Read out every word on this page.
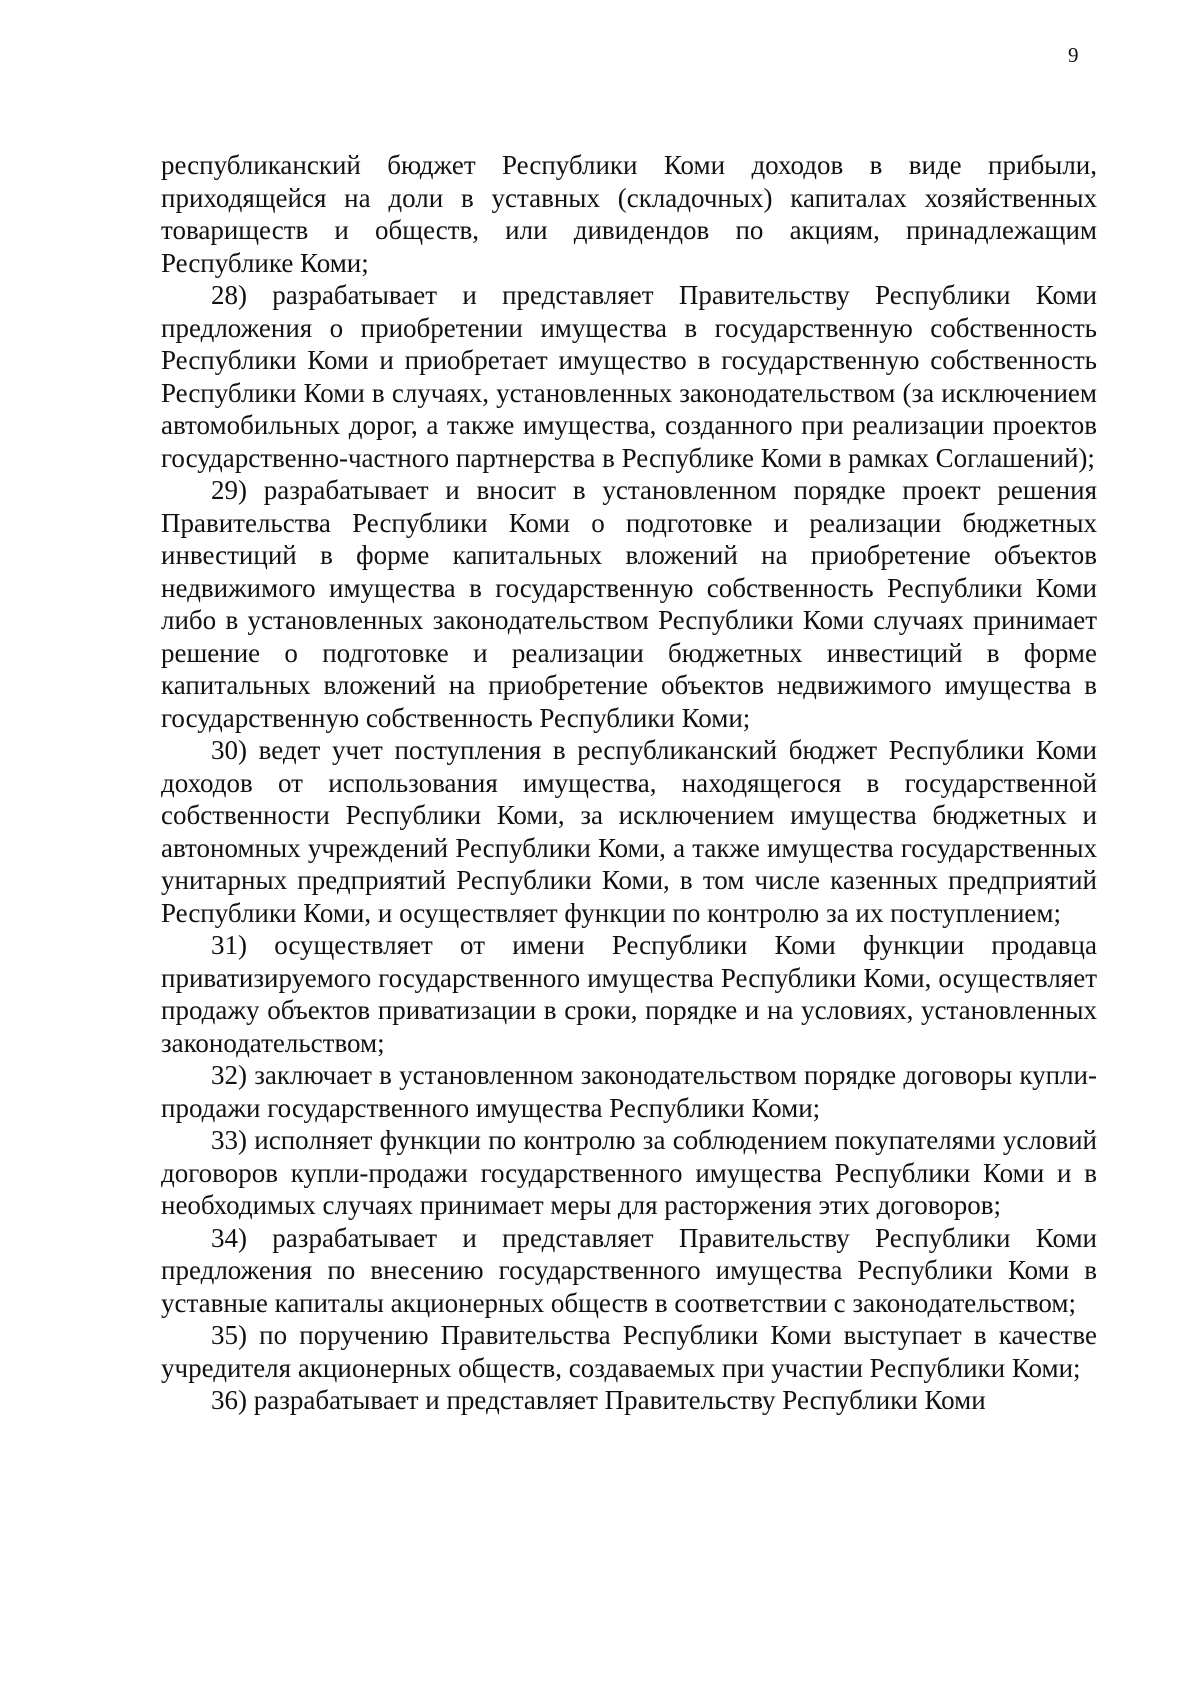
9

республиканский бюджет Республики Коми доходов в виде прибыли, приходящейся на доли в уставных (складочных) капиталах хозяйственных товариществ и обществ, или дивидендов по акциям, принадлежащим Республике Коми;

28) разрабатывает и представляет Правительству Республики Коми предложения о приобретении имущества в государственную собственность Республики Коми и приобретает имущество в государственную собственность Республики Коми в случаях, установленных законодательством (за исключением автомобильных дорог, а также имущества, созданного при реализации проектов государственно-частного партнерства в Республике Коми в рамках Соглашений);

29) разрабатывает и вносит в установленном порядке проект решения Правительства Республики Коми о подготовке и реализации бюджетных инвестиций в форме капитальных вложений на приобретение объектов недвижимого имущества в государственную собственность Республики Коми либо в установленных законодательством Республики Коми случаях принимает решение о подготовке и реализации бюджетных инвестиций в форме капитальных вложений на приобретение объектов недвижимого имущества в государственную собственность Республики Коми;

30) ведет учет поступления в республиканский бюджет Республики Коми доходов от использования имущества, находящегося в государственной собственности Республики Коми, за исключением имущества бюджетных и автономных учреждений Республики Коми, а также имущества государственных унитарных предприятий Республики Коми, в том числе казенных предприятий Республики Коми, и осуществляет функции по контролю за их поступлением;

31) осуществляет от имени Республики Коми функции продавца приватизируемого государственного имущества Республики Коми, осуществляет продажу объектов приватизации в сроки, порядке и на условиях, установленных законодательством;

32) заключает в установленном законодательством порядке договоры купли-продажи государственного имущества Республики Коми;

33) исполняет функции по контролю за соблюдением покупателями условий договоров купли-продажи государственного имущества Республики Коми и в необходимых случаях принимает меры для расторжения этих договоров;

34) разрабатывает и представляет Правительству Республики Коми предложения по внесению государственного имущества Республики Коми в уставные капиталы акционерных обществ в соответствии с законодательством;

35) по поручению Правительства Республики Коми выступает в качестве учредителя акционерных обществ, создаваемых при участии Республики Коми;

36) разрабатывает и представляет Правительству Республики Коми
